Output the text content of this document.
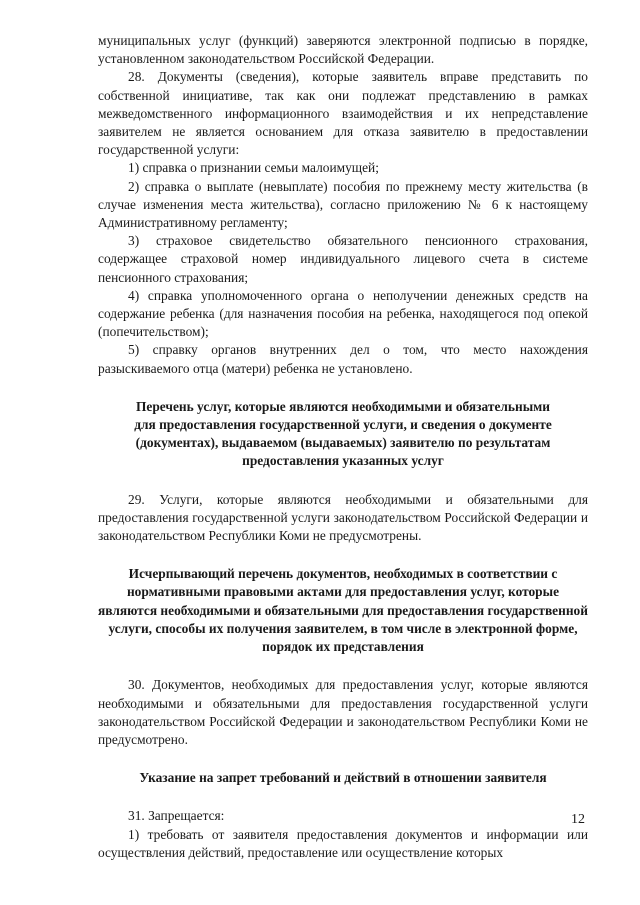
муниципальных услуг (функций) заверяются электронной подписью в порядке, установленном законодательством Российской Федерации.

28. Документы (сведения), которые заявитель вправе представить по собственной инициативе, так как они подлежат представлению в рамках межведомственного информационного взаимодействия и их непредставление заявителем не является основанием для отказа заявителю в предоставлении государственной услуги:

1) справка о признании семьи малоимущей;

2) справка о выплате (невыплате) пособия по прежнему месту жительства (в случае изменения места жительства), согласно приложению № 6 к настоящему Административному регламенту;

3) страховое свидетельство обязательного пенсионного страхования, содержащее страховой номер индивидуального лицевого счета в системе пенсионного страхования;

4) справка уполномоченного органа о неполучении денежных средств на содержание ребенка (для назначения пособия на ребенка, находящегося под опекой (попечительством);

5) справку органов внутренних дел о том, что место нахождения разыскиваемого отца (матери) ребенка не установлено.

Перечень услуг, которые являются необходимыми и обязательными для предоставления государственной услуги, и сведения о документе (документах), выдаваемом (выдаваемых) заявителю по результатам предоставления указанных услуг

29. Услуги, которые являются необходимыми и обязательными для предоставления государственной услуги законодательством Российской Федерации и законодательством Республики Коми не предусмотрены.

Исчерпывающий перечень документов, необходимых в соответствии с нормативными правовыми актами для предоставления услуг, которые являются необходимыми и обязательными для предоставления государственной услуги, способы их получения заявителем, в том числе в электронной форме, порядок их представления

30. Документов, необходимых для предоставления услуг, которые являются необходимыми и обязательными для предоставления государственной услуги законодательством Российской Федерации и законодательством Республики Коми не предусмотрено.

Указание на запрет требований и действий в отношении заявителя

31. Запрещается:

1) требовать от заявителя предоставления документов и информации или осуществления действий, предоставление или осуществление которых

12
